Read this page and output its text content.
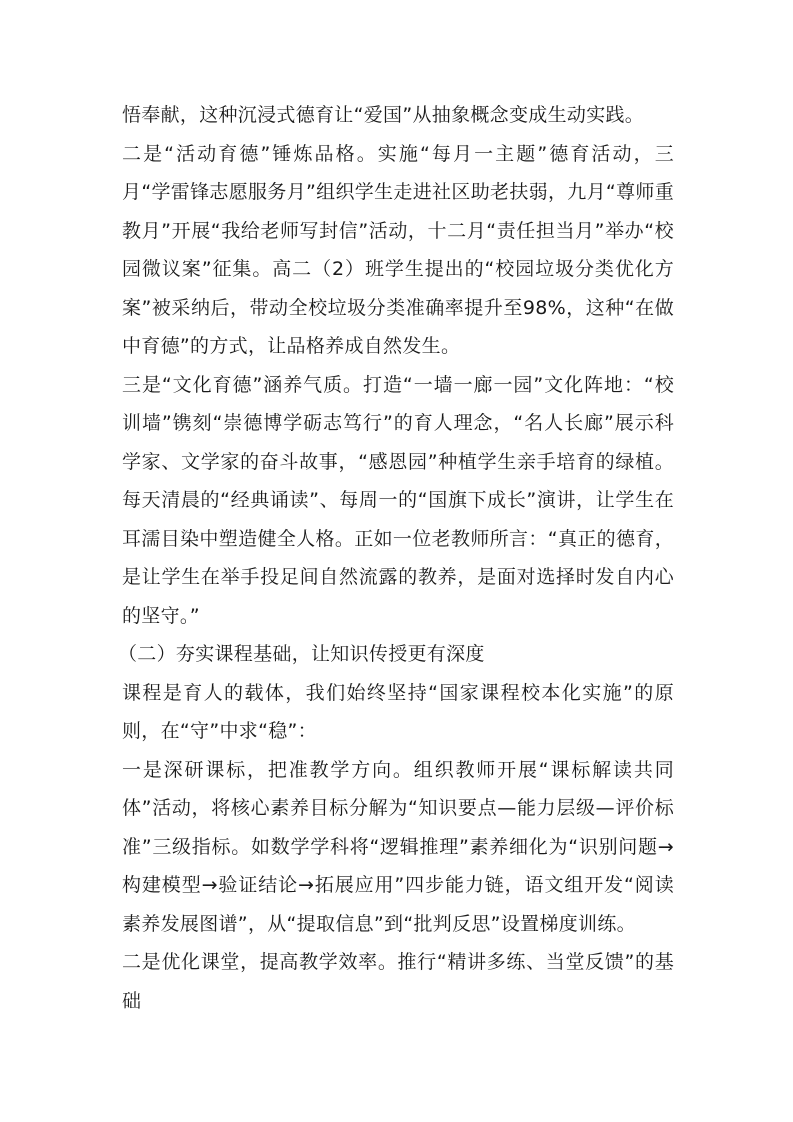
悟奉献，这种沉浸式德育让“爱国”从抽象概念变成生动实践。

二是“活动育德”锤炼品格。实施“每月一主题”德育活动，三月“学雷锋志愿服务月”组织学生走进社区助老扶弱，九月“尊师重教月”开展“我给老师写封信”活动，十二月“责任担当月”举办“校园微议案”征集。高二（2）班学生提出的“校园垃圾分类优化方案”被采纳后，带动全校垃圾分类准确率提升至98%，这种“在做中育德”的方式，让品格养成自然发生。

三是“文化育德”涵养气质。打造“一墙一廊一园”文化阵地：“校训墙”镌刻“崇德博学砺志笃行”的育人理念，“名人长廊”展示科学家、文学家的奋斗故事，“感恩园”种植学生亲手培育的绿植。每天清晨的“经典诵读”、每周一的“国旗下成长”演讲，让学生在耳濡目染中塑造健全人格。正如一位老教师所言：“真正的德育，是让学生在举手投足间自然流露的教养，是面对选择时发自内心的坚守。”

（二）夯实课程基础，让知识传授更有深度

课程是育人的载体，我们始终坚持“国家课程校本化实施”的原则，在“守”中求“稳”：

一是深研课标，把准教学方向。组织教师开展“课标解读共同体”活动，将核心素养目标分解为“知识要点—能力层级—评价标准”三级指标。如数学学科将“逻辑推理”素养细化为“识别问题→构建模型→验证结论→拓展应用”四步能力链，语文组开发“阅读素养发展图谱”，从“提取信息”到“批判反思”设置梯度训练。

二是优化课堂，提高教学效率。推行“精讲多练、当堂反馈”的基础
